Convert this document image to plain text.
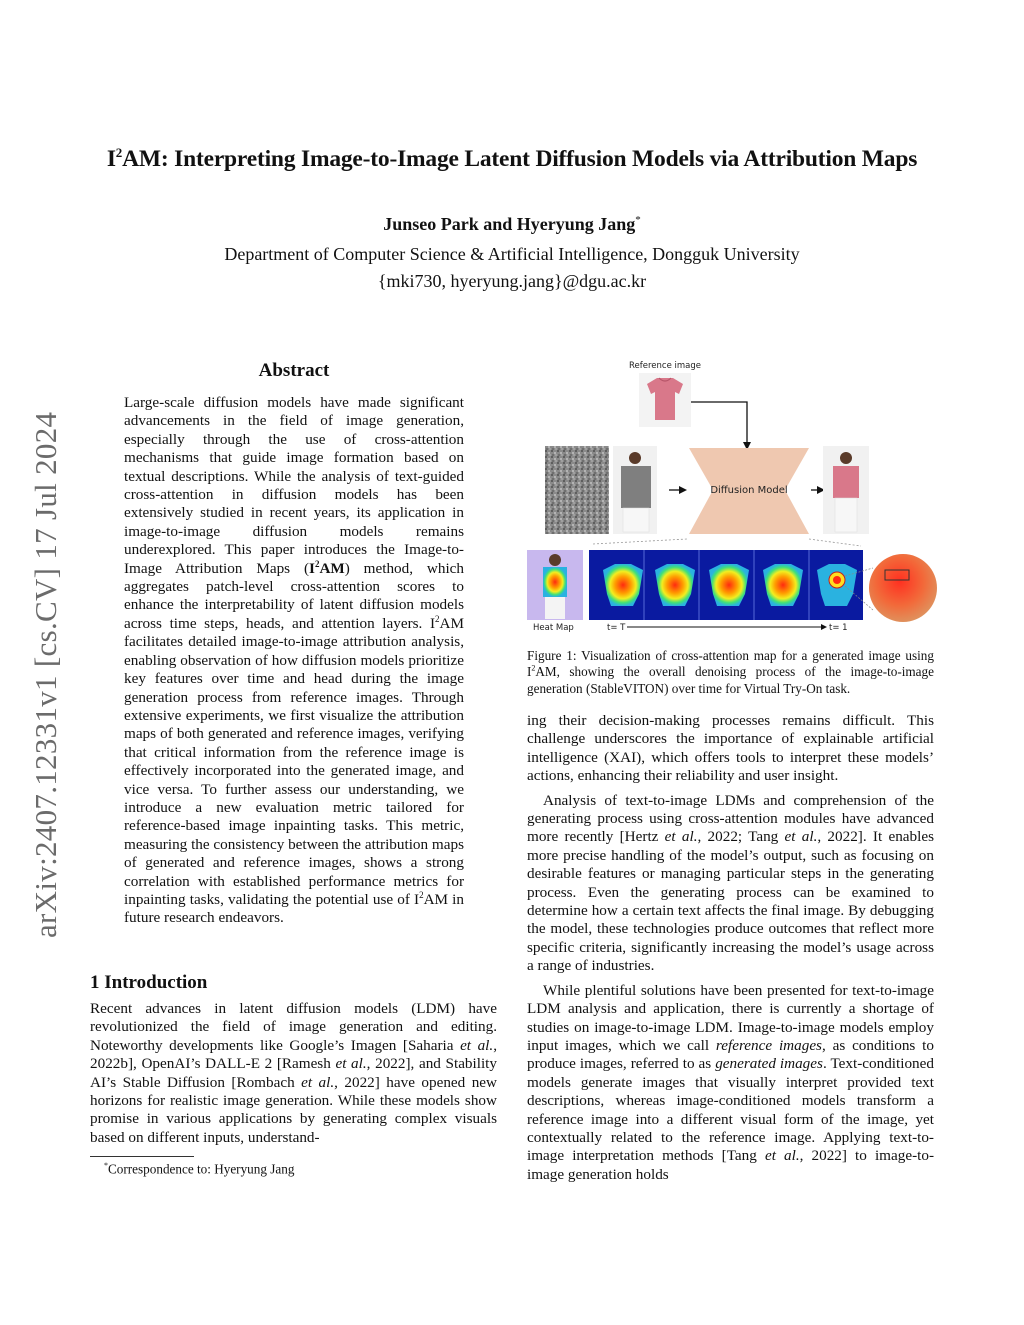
$I^2AM$: Interpreting Image-to-Image Latent Diffusion Models via Attribution Maps
Junseo Park and Hyeryung Jang*
Department of Computer Science & Artificial Intelligence, Dongguk University
{mki730, hyeryung.jang}@dgu.ac.kr
arXiv:2407.12331v1 [cs.CV] 17 Jul 2024
Abstract
Large-scale diffusion models have made significant advancements in the field of image generation, especially through the use of cross-attention mechanisms that guide image formation based on textual descriptions. While the analysis of text-guided cross-attention in diffusion models has been extensively studied in recent years, its application in image-to-image diffusion models remains underexplored. This paper introduces the Image-to-Image Attribution Maps $(I^2AM)$ method, which aggregates patch-level cross-attention scores to enhance the interpretability of latent diffusion models across time steps, heads, and attention layers. $I^2AM$ facilitates detailed image-to-image attribution analysis, enabling observation of how diffusion models prioritize key features over time and head during the image generation process from reference images. Through extensive experiments, we first visualize the attribution maps of both generated and reference images, verifying that critical information from the reference image is effectively incorporated into the generated image, and vice versa. To further assess our understanding, we introduce a new evaluation metric tailored for reference-based image inpainting tasks. This metric, measuring the consistency between the attribution maps of generated and reference images, shows a strong correlation with established performance metrics for inpainting tasks, validating the potential use of $I^2AM$ in future research endeavors.
1 Introduction
Recent advances in latent diffusion models (LDM) have revolutionized the field of image generation and editing. Noteworthy developments like Google’s Imagen [Saharia et al., 2022b], OpenAI’s DALL-E 2 [Ramesh et al., 2022], and Stability AI’s Stable Diffusion [Rombach et al., 2022] have opened new horizons for realistic image generation. While these models show promise in various applications by generating complex visuals based on different inputs, understand-
*Correspondence to: Hyeryung Jang
Reference image
Diffusion Model
Heat Map	t= T	t= 1
Figure 1: Visualization of cross-attention map for a generated image using $I^2AM$, showing the overall denoising process of the image-to-image generation (StableVITON) over time for Virtual Try-On task.

ing their decision-making processes remains difficult. This challenge underscores the importance of explainable artificial intelligence (XAI), which offers tools to interpret these models’ actions, enhancing their reliability and user insight.

Analysis of text-to-image LDMs and comprehension of the generating process using cross-attention modules have advanced more recently [Hertz et al., 2022; Tang et al., 2022]. It enables more precise handling of the model’s output, such as focusing on desirable features or managing particular steps in the generating process. Even the generating process can be examined to determine how a certain text affects the final image. By debugging the model, these technologies produce outcomes that reflect more specific criteria, significantly increasing the model’s usage across a range of industries.

While plentiful solutions have been presented for text-to-image LDM analysis and application, there is currently a shortage of studies on image-to-image LDM. Image-to-image models employ input images, which we call reference images, as conditions to produce images, referred to as generated images. Text-conditioned models generate images that visually interpret provided text descriptions, whereas image-conditioned models transform a reference image into a different visual form of the image, yet contextually related to the reference image. Applying text-to-image interpretation methods [Tang et al., 2022] to image-to-image generation holds
